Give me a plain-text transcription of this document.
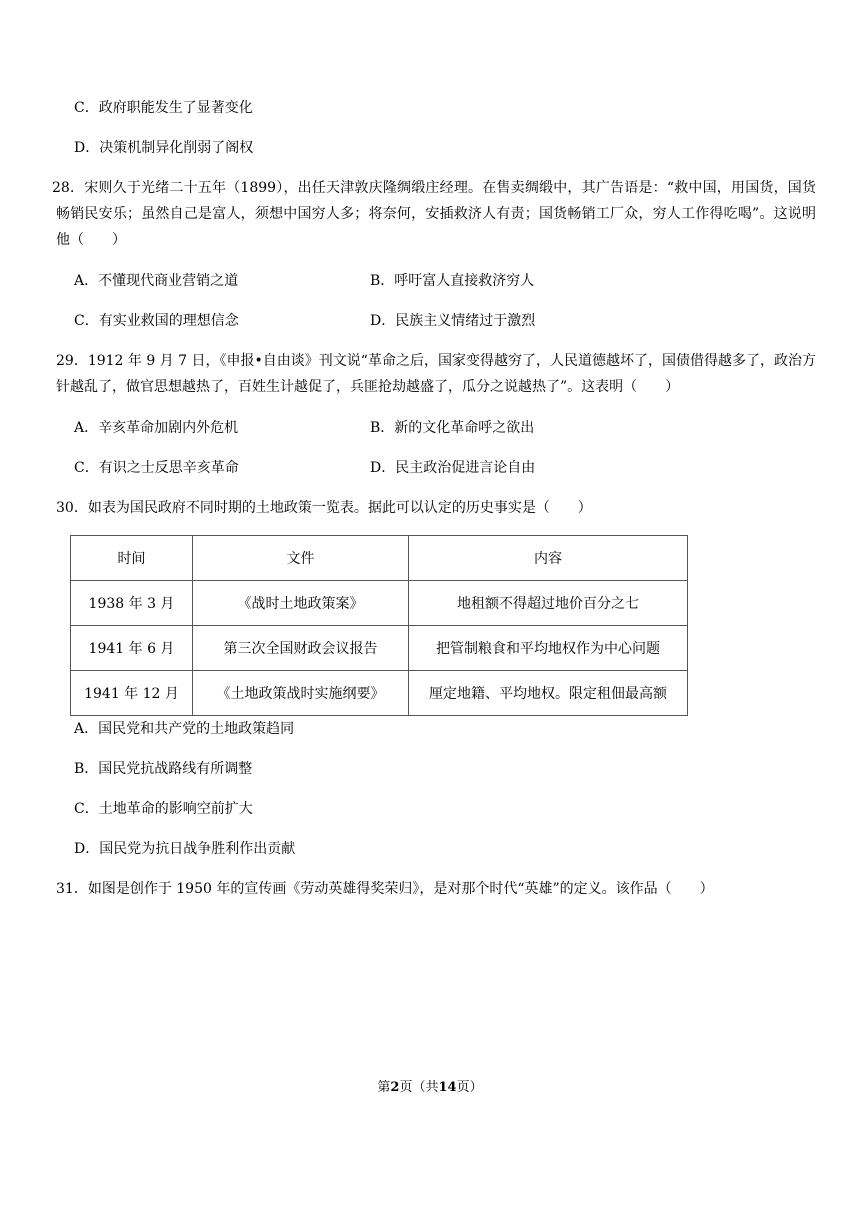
C．政府职能发生了显著变化
D．决策机制异化削弱了阁权
28．宋则久于光绪二十五年（1899），出任天津敦庆隆绸缎庄经理。在售卖绸缎中，其广告语是：“救中国，用国货，国货畅销民安乐；虽然自己是富人，须想中国穷人多；将奈何，安插救济人有责；国货畅销工厂众，穷人工作得吃喝”。这说明他（　　）
A．不懂现代商业营销之道	B．呼吁富人直接救济穷人
C．有实业救国的理想信念	D．民族主义情绪过于激烈
29．1912 年 9 月 7 日，《申报•自由谈》刊文说“革命之后，国家变得越穷了，人民道德越坏了，国债借得越多了，政治方针越乱了，做官思想越热了，百姓生计越促了，兵匪抢劫越盛了，瓜分之说越热了”。这表明（　　）
A．辛亥革命加剧内外危机	B．新的文化革命呼之欲出
C．有识之士反思辛亥革命	D．民主政治促进言论自由
30．如表为国民政府不同时期的土地政策一览表。据此可以认定的历史事实是（　　）
时间	文件	内容
1938 年 3 月	《战时土地政策案》	地租额不得超过地价百分之七
1941 年 6 月	第三次全国财政会议报告	把管制粮食和平均地权作为中心问题
1941 年 12 月	《土地政策战时实施纲要》	厘定地籍、平均地权。限定租佃最高额
A．国民党和共产党的土地政策趋同
B．国民党抗战路线有所调整
C．土地革命的影响空前扩大
D．国民党为抗日战争胜利作出贡献
31．如图是创作于 1950 年的宣传画《劳动英雄得奖荣归》，是对那个时代“英雄”的定义。该作品（　　）
第2页（共14页）
